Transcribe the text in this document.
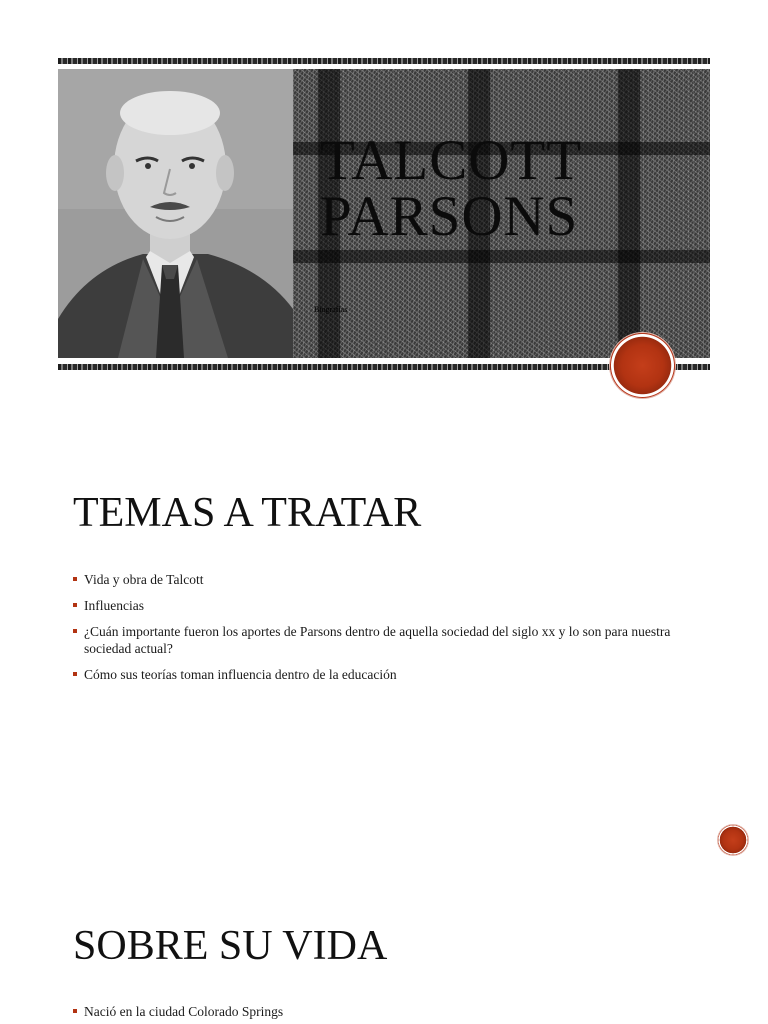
TALCOTT
PARSONS
Biografías
TEMAS A TRATAR
Vida y obra de Talcott
Influencias
¿Cuán importante fueron los aportes de Parsons dentro de aquella sociedad del siglo xx y lo son para nuestra sociedad actual?
Cómo sus teorías toman influencia dentro de la educación
SOBRE SU VIDA
Nació en la ciudad Colorado Springs
